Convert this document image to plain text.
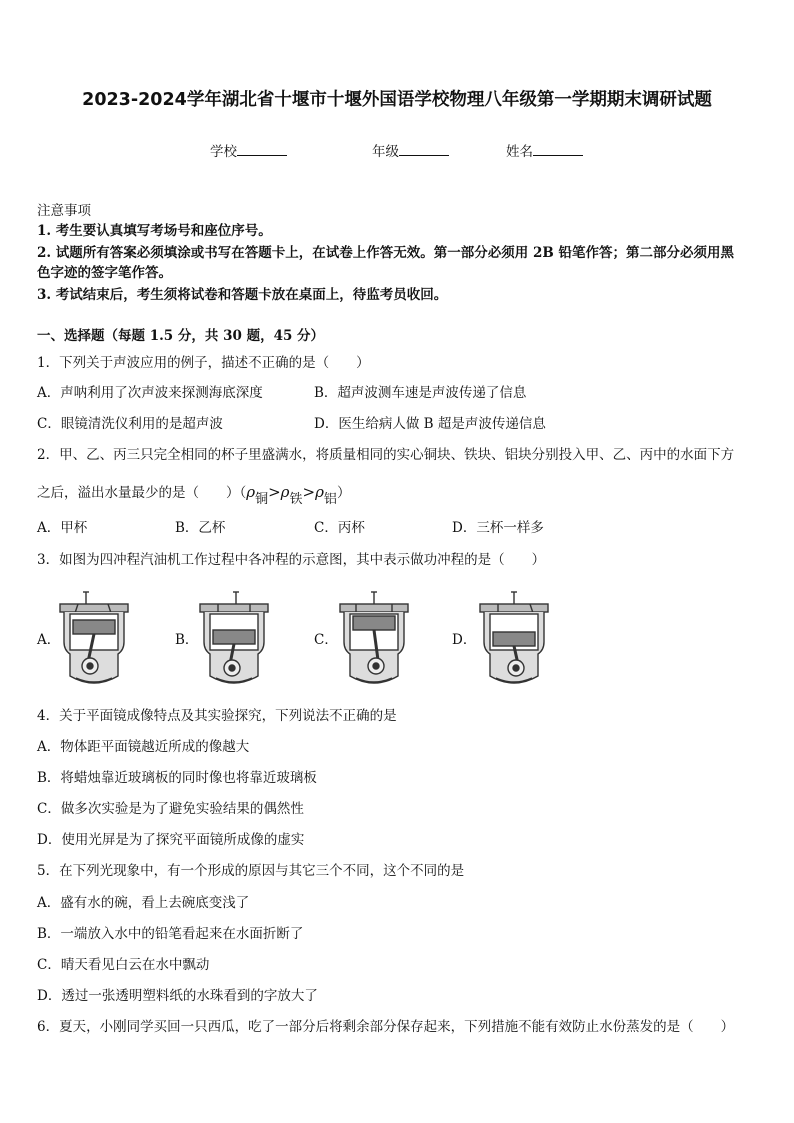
2023-2024学年湖北省十堰市十堰外国语学校物理八年级第一学期期末调研试题
学校	年级	姓名
注意事项
1. 考生要认真填写考场号和座位序号。
2. 试题所有答案必须填涂或书写在答题卡上，在试卷上作答无效。第一部分必须用 2B 铅笔作答；第二部分必须用黑
色字迹的签字笔作答。
3. 考试结束后，考生须将试卷和答题卡放在桌面上，待监考员收回。
一、选择题（每题 1.5 分，共 30 题，45 分）
1．下列关于声波应用的例子，描述不正确的是（　　）
A．声呐利用了次声波来探测海底深度	B．超声波测车速是声波传递了信息
C．眼镜清洗仪利用的是超声波	D．医生给病人做 B 超是声波传递信息
2．甲、乙、丙三只完全相同的杯子里盛满水，将质量相同的实心铜块、铁块、铝块分别投入甲、乙、丙中的水面下方
之后，溢出水量最少的是（　　）（ρ铜>ρ铁>ρ铝）
A．甲杯	B．乙杯	C．丙杯	D．三杯一样多
3．如图为四冲程汽油机工作过程中各冲程的示意图，其中表示做功冲程的是（　　）
A．	B．	C．	D．
4．关于平面镜成像特点及其实验探究，下列说法不正确的是
A．物体距平面镜越近所成的像越大
B．将蜡烛靠近玻璃板的同时像也将靠近玻璃板
C．做多次实验是为了避免实验结果的偶然性
D．使用光屏是为了探究平面镜所成像的虚实
5．在下列光现象中，有一个形成的原因与其它三个不同，这个不同的是
A．盛有水的碗，看上去碗底变浅了
B．一端放入水中的铅笔看起来在水面折断了
C．晴天看见白云在水中飘动
D．透过一张透明塑料纸的水珠看到的字放大了
6．夏天，小刚同学买回一只西瓜，吃了一部分后将剩余部分保存起来，下列措施不能有效防止水份蒸发的是（　　）
